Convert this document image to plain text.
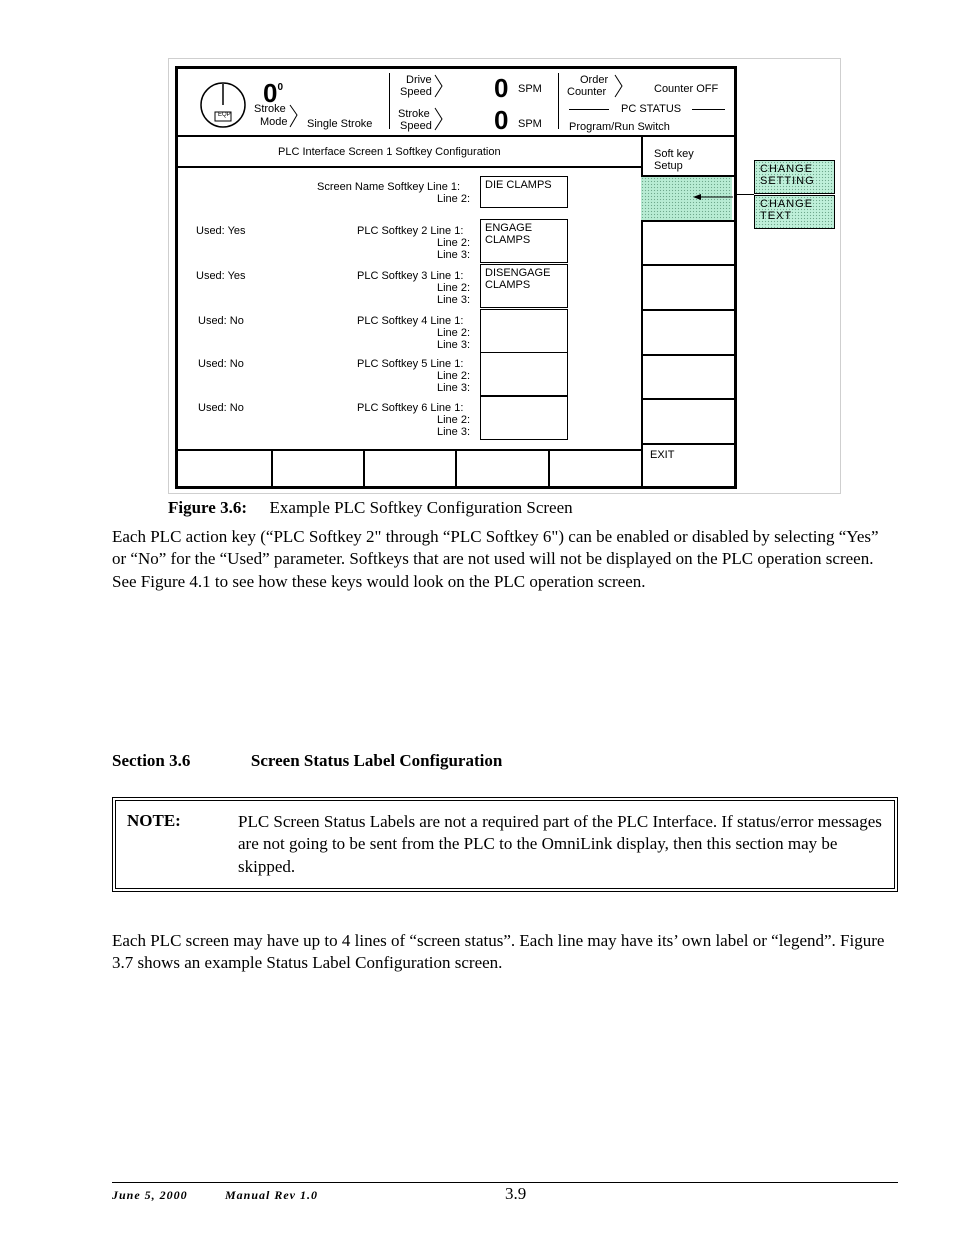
EQP
$0^0$
Stroke
Mode Single Stroke
Drive
Speed
Stroke
Speed
0 SPM
0 SPM
Order
Counter	Counter OFF
PC STATUS
Program/Run Switch
PLC Interface Screen 1 Softkey Configuration	Soft key
Setup
EXIT
Screen Name Softkey Line 1:
Line 2:
DIE CLAMPS
Used: Yes	PLC Softkey 2 Line 1:
Line 2:
Line 3:
ENGAGE
CLAMPS
Used: Yes	PLC Softkey 3 Line 1:
Line 2:
Line 3:
DISENGAGE
CLAMPS
Used: No	PLC Softkey 4 Line 1:
Line 2:
Line 3:
Used: No	PLC Softkey 5 Line 1:
Line 2:
Line 3:
Used: No	PLC Softkey 6 Line 1:
Line 2:
Line 3:
CHANGE
SETTING
CHANGE
TEXT
Figure 3.6: Example PLC Softkey Configuration Screen
Each PLC action key (“PLC Softkey 2" through “PLC Softkey 6") can be enabled or disabled by selecting “Yes” or “No” for the “Used” parameter. Softkeys that are not used will not be displayed on the PLC operation screen. See Figure 4.1 to see how these keys would look on the PLC operation screen.
Section 3.6	Screen Status Label Configuration
NOTE:	PLC Screen Status Labels are not a required part of the PLC Interface. If status/error messages are not going to be sent from the PLC to the OmniLink display, then this section may be skipped.
Each PLC screen may have up to 4 lines of “screen status”. Each line may have its’ own label or “legend”. Figure 3.7 shows an example Status Label Configuration screen.
June 5, 2000	Manual Rev 1.0	3.9
